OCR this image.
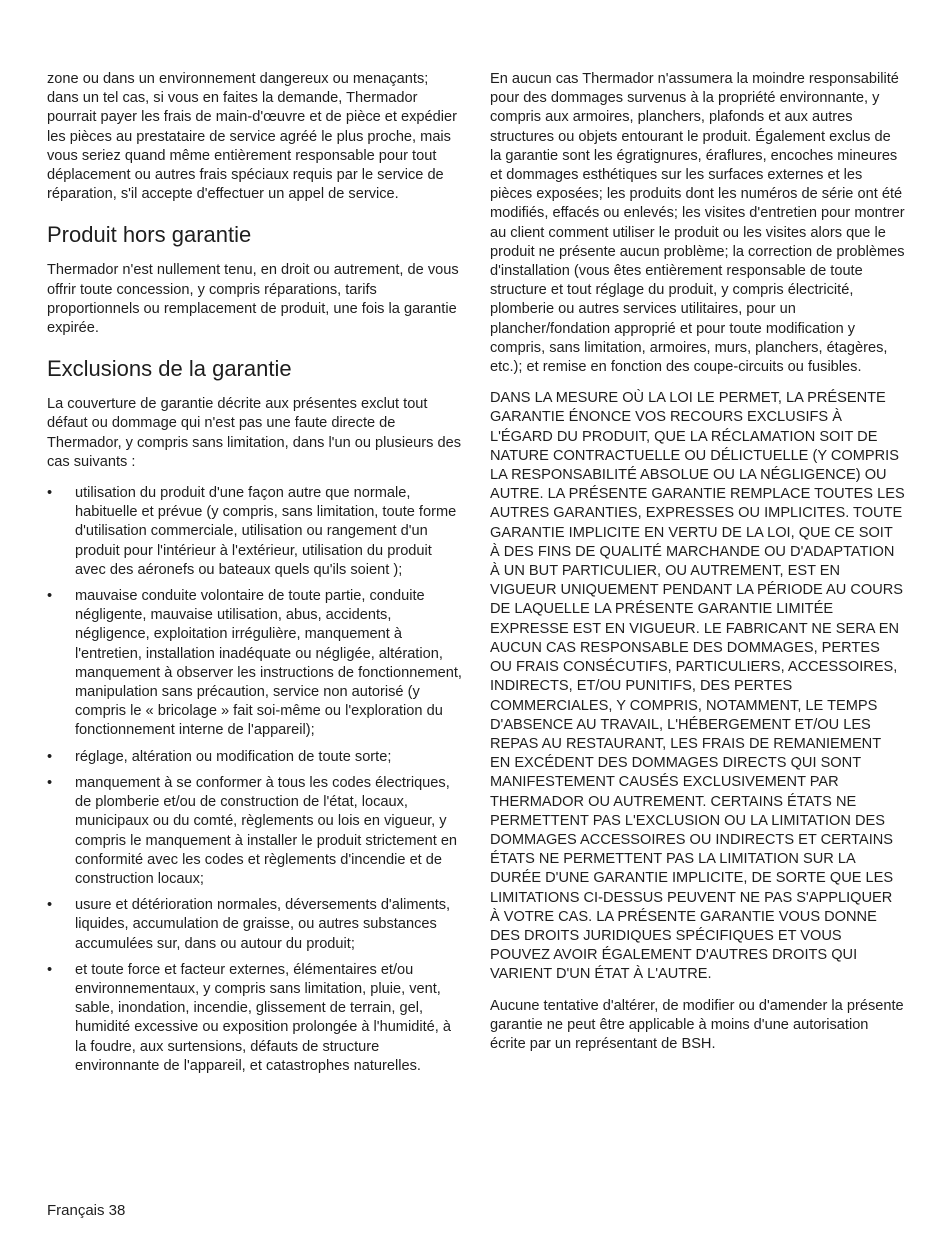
zone ou dans un environnement dangereux ou menaçants; dans un tel cas, si vous en faites la demande, Thermador pourrait payer les frais de main-d'œuvre et de pièce et expédier les pièces au prestataire de service agréé le plus proche, mais vous seriez quand même entièrement responsable pour tout déplacement ou autres frais spéciaux requis par le service de réparation, s'il accepte d'effectuer un appel de service.

Produit hors garantie

Thermador n'est nullement tenu, en droit ou autrement, de vous offrir toute concession, y compris réparations, tarifs proportionnels ou remplacement de produit, une fois la garantie expirée.

Exclusions de la garantie

La couverture de garantie décrite aux présentes exclut tout défaut ou dommage qui n'est pas une faute directe de Thermador, y compris sans limitation, dans l'un ou plusieurs des cas suivants :

• utilisation du produit d'une façon autre que normale, habituelle et prévue (y compris, sans limitation, toute forme d'utilisation commerciale, utilisation ou rangement d'un produit pour l'intérieur à l'extérieur, utilisation du produit avec des aéronefs ou bateaux quels qu'ils soient );
• mauvaise conduite volontaire de toute partie, conduite négligente, mauvaise utilisation, abus, accidents, négligence, exploitation irrégulière, manquement à l'entretien, installation inadéquate ou négligée, altération, manquement à observer les instructions de fonctionnement, manipulation sans précaution, service non autorisé (y compris le « bricolage » fait soi-même ou l'exploration du fonctionnement interne de l'appareil);
• réglage, altération ou modification de toute sorte;
• manquement à se conformer à tous les codes électriques, de plomberie et/ou de construction de l'état, locaux, municipaux ou du comté, règlements ou lois en vigueur, y compris le manquement à installer le produit strictement en conformité avec les codes et règlements d'incendie et de construction locaux;
• usure et détérioration normales, déversements d'aliments, liquides, accumulation de graisse, ou autres substances accumulées sur, dans ou autour du produit;
• et toute force et facteur externes, élémentaires et/ou environnementaux, y compris sans limitation, pluie, vent, sable, inondation, incendie, glissement de terrain, gel, humidité excessive ou exposition prolongée à l'humidité, à la foudre, aux surtensions, défauts de structure environnante de l'appareil, et catastrophes naturelles.

En aucun cas Thermador n'assumera la moindre responsabilité pour des dommages survenus à la propriété environnante, y compris aux armoires, planchers, plafonds et aux autres structures ou objets entourant le produit. Également exclus de la garantie sont les égratignures, éraflures, encoches mineures et dommages esthétiques sur les surfaces externes et les pièces exposées; les produits dont les numéros de série ont été modifiés, effacés ou enlevés; les visites d'entretien pour montrer au client comment utiliser le produit ou les visites alors que le produit ne présente aucun problème; la correction de problèmes d'installation (vous êtes entièrement responsable de toute structure et tout réglage du produit, y compris électricité, plomberie ou autres services utilitaires, pour un plancher/fondation approprié et pour toute modification y compris, sans limitation, armoires, murs, planchers, étagères, etc.); et remise en fonction des coupe-circuits ou fusibles.

DANS LA MESURE OÙ LA LOI LE PERMET, LA PRÉSENTE GARANTIE ÉNONCE VOS RECOURS EXCLUSIFS À L'ÉGARD DU PRODUIT, QUE LA RÉCLAMATION SOIT DE NATURE CONTRACTUELLE OU DÉLICTUELLE (Y COMPRIS LA RESPONSABILITÉ ABSOLUE OU LA NÉGLIGENCE) OU AUTRE. LA PRÉSENTE GARANTIE REMPLACE TOUTES LES AUTRES GARANTIES, EXPRESSES OU IMPLICITES. TOUTE GARANTIE IMPLICITE EN VERTU DE LA LOI, QUE CE SOIT À DES FINS DE QUALITÉ MARCHANDE OU D'ADAPTATION À UN BUT PARTICULIER, OU AUTREMENT, EST EN VIGUEUR UNIQUEMENT PENDANT LA PÉRIODE AU COURS DE LAQUELLE LA PRÉSENTE GARANTIE LIMITÉE EXPRESSE EST EN VIGUEUR. LE FABRICANT NE SERA EN AUCUN CAS RESPONSABLE DES DOMMAGES, PERTES OU FRAIS CONSÉCUTIFS, PARTICULIERS, ACCESSOIRES, INDIRECTS, ET/OU PUNITIFS, DES PERTES COMMERCIALES, Y COMPRIS, NOTAMMENT, LE TEMPS D'ABSENCE AU TRAVAIL, L'HÉBERGEMENT ET/OU LES REPAS AU RESTAURANT, LES FRAIS DE REMANIEMENT EN EXCÉDENT DES DOMMAGES DIRECTS QUI SONT MANIFESTEMENT CAUSÉS EXCLUSIVEMENT PAR THERMADOR OU AUTREMENT. CERTAINS ÉTATS NE PERMETTENT PAS L'EXCLUSION OU LA LIMITATION DES DOMMAGES ACCESSOIRES OU INDIRECTS ET CERTAINS ÉTATS NE PERMETTENT PAS LA LIMITATION SUR LA DURÉE D'UNE GARANTIE IMPLICITE, DE SORTE QUE LES LIMITATIONS CI-DESSUS PEUVENT NE PAS S'APPLIQUER À VOTRE CAS. LA PRÉSENTE GARANTIE VOUS DONNE DES DROITS JURIDIQUES SPÉCIFIQUES ET VOUS POUVEZ AVOIR ÉGALEMENT D'AUTRES DROITS QUI VARIENT D'UN ÉTAT À L'AUTRE.

Aucune tentative d'altérer, de modifier ou d'amender la présente garantie ne peut être applicable à moins d'une autorisation écrite par un représentant de BSH.

Français 38
